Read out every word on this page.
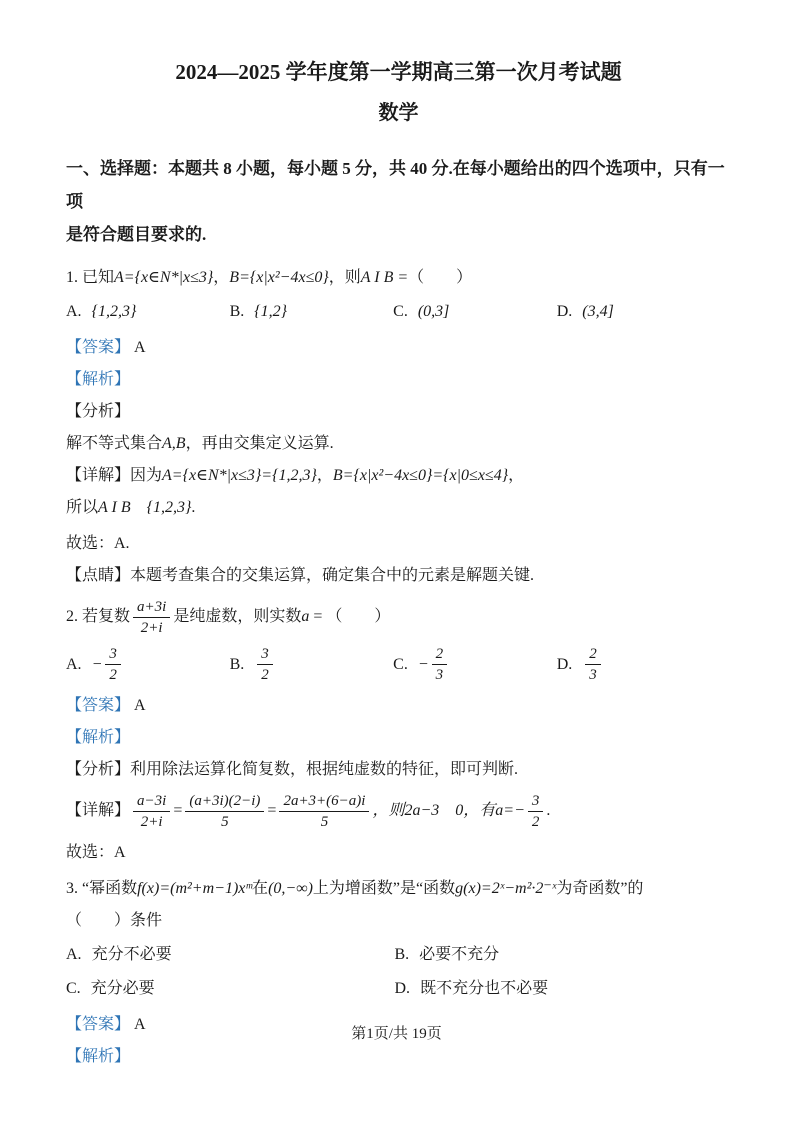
2024—2025 学年度第一学期高三第一次月考试题
数学
一、选择题：本题共 8 小题，每小题 5 分，共 40 分.在每小题给出的四个选项中，只有一项
是符合题目要求的.
1. 已知A={x∈N*|x≤3}，B={x|x²−4x≤0}，则A I B =（　　）
A. {1,2,3}	B. {1,2}	C. (0,3]	D. (3,4]
【答案】 A
【解析】
【分析】
解不等式集合A,B，再由交集定义运算.
【详解】因为A={x∈N*|x≤3}={1,2,3}，B={x|x²−4x≤0}={x|0≤x≤4}，
所以A I B　{1,2,3}.
故选：A.
【点睛】本题考查集合的交集运算，确定集合中的元素是解题关键.
2. 若复数 $\frac{a+3i}{2+i}$ 是纯虚数，则实数a = （　　）
A. − $\frac{3}{2}$	B. $\frac{3}{2}$	C. − $\frac{2}{3}$	D. $\frac{2}{3}$
【答案】 A
【解析】
【分析】利用除法运算化简复数，根据纯虚数的特征，即可判断.
【详解】 $\frac{a-3i}{2+i} = \frac{(a+3i)(2-i)}{5} = \frac{2a+3+(6-a)i}{5}$ ，则2a−3　0，有$a=- \frac{3}{2}$ .
故选：A
3. “幂函数f(x)=(m²+m−1)xᵐ在(0,−∞)上为增函数”是“函数g(x)=2ˣ−m²·2⁻ˣ为奇函数”的
（　　）条件
A. 充分不必要	B. 必要不充分
C. 充分必要	D. 既不充分也不必要
【答案】 A
【解析】
第1页/共 19页
